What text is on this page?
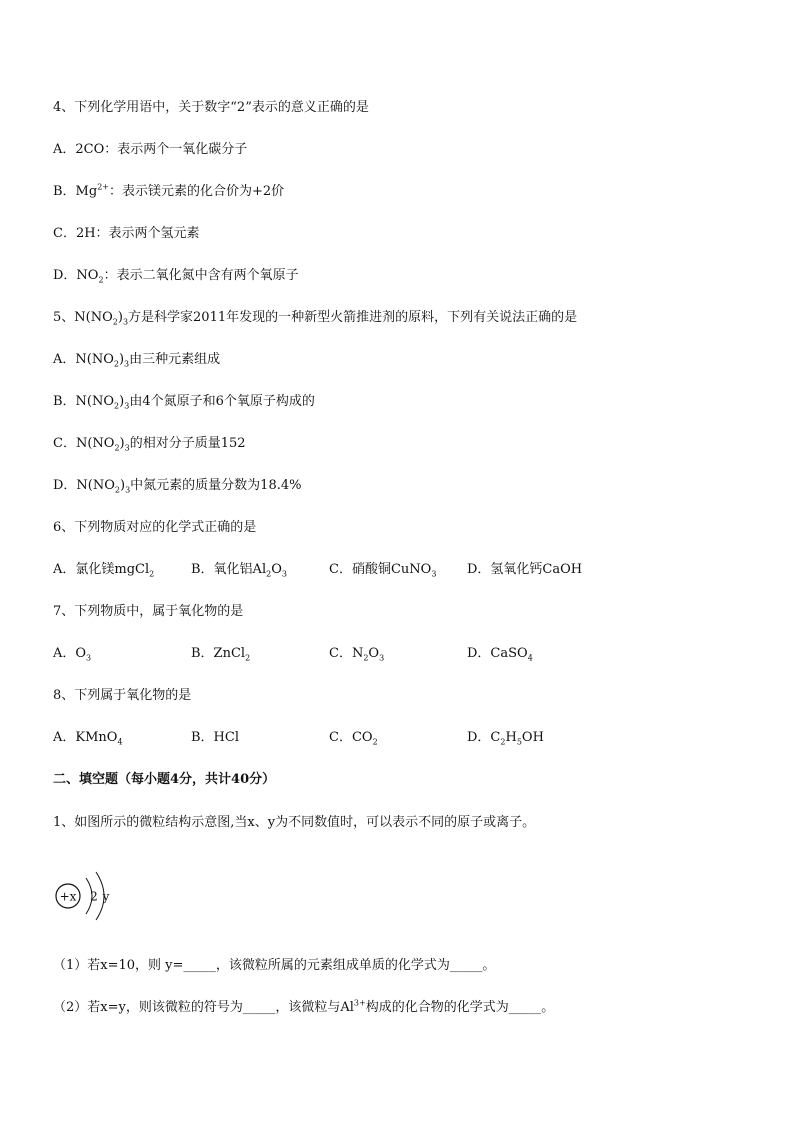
4、下列化学用语中，关于数字“2”表示的意义正确的是
A．2CO：表示两个一氧化碳分子
B．$Mg^{2+}$：表示镁元素的化合价为+2价
C．2H：表示两个氢元素
D．$NO_2$：表示二氧化氮中含有两个氧原子
5、$N(NO_2)_3$方是科学家2011年发现的一种新型火箭推进剂的原料，下列有关说法正确的是
A．$N(NO_2)_3$由三种元素组成
B．$N(NO_2)_3$由4个氮原子和6个氧原子构成的
C．$N(NO_2)_3$的相对分子质量152
D．$N(NO_2)_3$中氮元素的质量分数为18.4%
6、下列物质对应的化学式正确的是
A．氯化镁mgCl$_2$	B．氧化铝$Al_2O_3$	C．硝酸铜CuNO$_3$ D．氢氧化钙CaOH
7、下列物质中，属于氧化物的是
A．$O_3$	B．ZnCl$_2$	C．$N_2O_3$	D．CaSO$_4$
8、下列属于氧化物的是
A．KMnO$_4$	B．HCl	C．$CO_2$	D．$C_2H_5OH$
二、填空题（每小题4分，共计40分）
1、如图所示的微粒结构示意图,当x、y为不同数值时，可以表示不同的原子或离子。
+x 2 y
（1）若x=10，则 y=_____，该微粒所属的元素组成单质的化学式为_____。
（2）若x=y，则该微粒的符号为_____，该微粒与$Al^{3+}$构成的化合物的化学式为_____。
